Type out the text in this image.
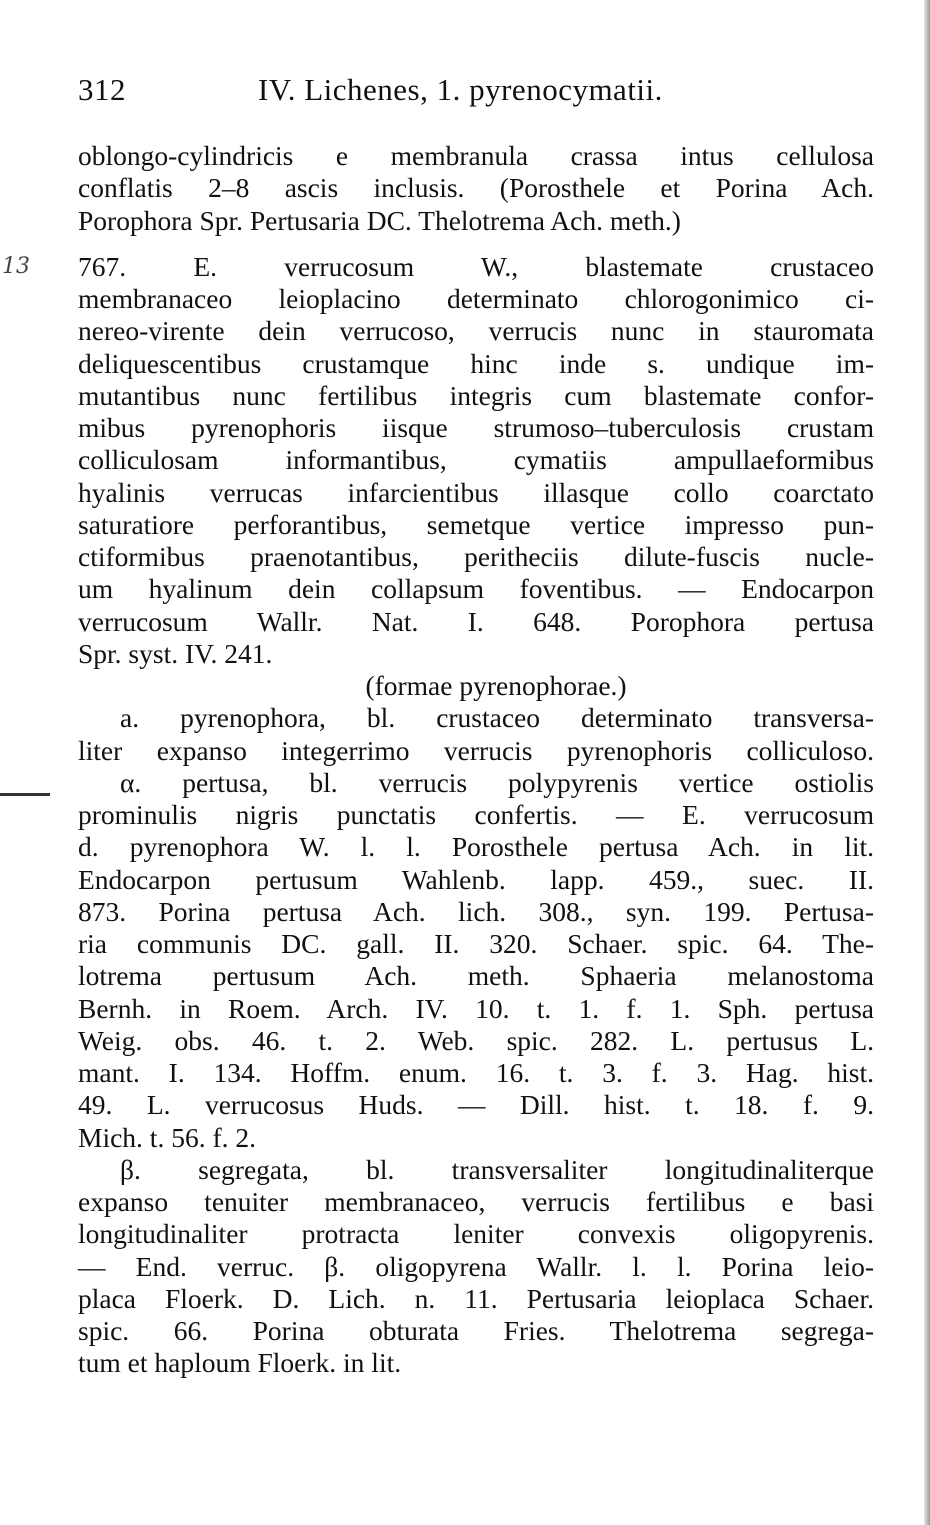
312	IV. Lichenes, 1. pyrenocymatii.
13
oblongo-cylindricis e membranula crassa intus cellulosa
conflatis 2–8 ascis inclusis. (Porosthele et Porina Ach.
Porophora Spr. Pertusaria DC. Thelotrema Ach. meth.)
767. E. verrucosum W., blastemate crustaceo
membranaceo leioplacino determinato chlorogonimico ci-
nereo-virente dein verrucoso, verrucis nunc in stauromata
deliquescentibus crustamque hinc inde s. undique im-
mutantibus nunc fertilibus integris cum blastemate confor-
mibus pyrenophoris iisque strumoso–tuberculosis crustam
colliculosam informantibus, cymatiis ampullaeformibus
hyalinis verrucas infarcientibus illasque collo coarctato
saturatiore perforantibus, semetque vertice impresso pun-
ctiformibus praenotantibus, peritheciis dilute-fuscis nucle-
um hyalinum dein collapsum foventibus. — Endocarpon
verrucosum Wallr. Nat. I. 648. Porophora pertusa
Spr. syst. IV. 241.
(formae pyrenophorae.)
a. pyrenophora, bl. crustaceo determinato transversa-
liter expanso integerrimo verrucis pyrenophoris colliculoso.
α. pertusa, bl. verrucis polypyrenis vertice ostiolis
prominulis nigris punctatis confertis. — E. verrucosum
d. pyrenophora W. l. l. Porosthele pertusa Ach. in lit.
Endocarpon pertusum Wahlenb. lapp. 459., suec. II.
873. Porina pertusa Ach. lich. 308., syn. 199. Pertusa-
ria communis DC. gall. II. 320. Schaer. spic. 64. The-
lotrema pertusum Ach. meth. Sphaeria melanostoma
Bernh. in Roem. Arch. IV. 10. t. 1. f. 1. Sph. pertusa
Weig. obs. 46. t. 2. Web. spic. 282. L. pertusus L.
mant. I. 134. Hoffm. enum. 16. t. 3. f. 3. Hag. hist.
49. L. verrucosus Huds. — Dill. hist. t. 18. f. 9.
Mich. t. 56. f. 2.
β. segregata, bl. transversaliter longitudinaliterque
expanso tenuiter membranaceo, verrucis fertilibus e basi
longitudinaliter protracta leniter convexis oligopyrenis.
— End. verruc. β. oligopyrena Wallr. l. l. Porina leio-
placa Floerk. D. Lich. n. 11. Pertusaria leioplaca Schaer.
spic. 66. Porina obturata Fries. Thelotrema segrega-
tum et haploum Floerk. in lit.
